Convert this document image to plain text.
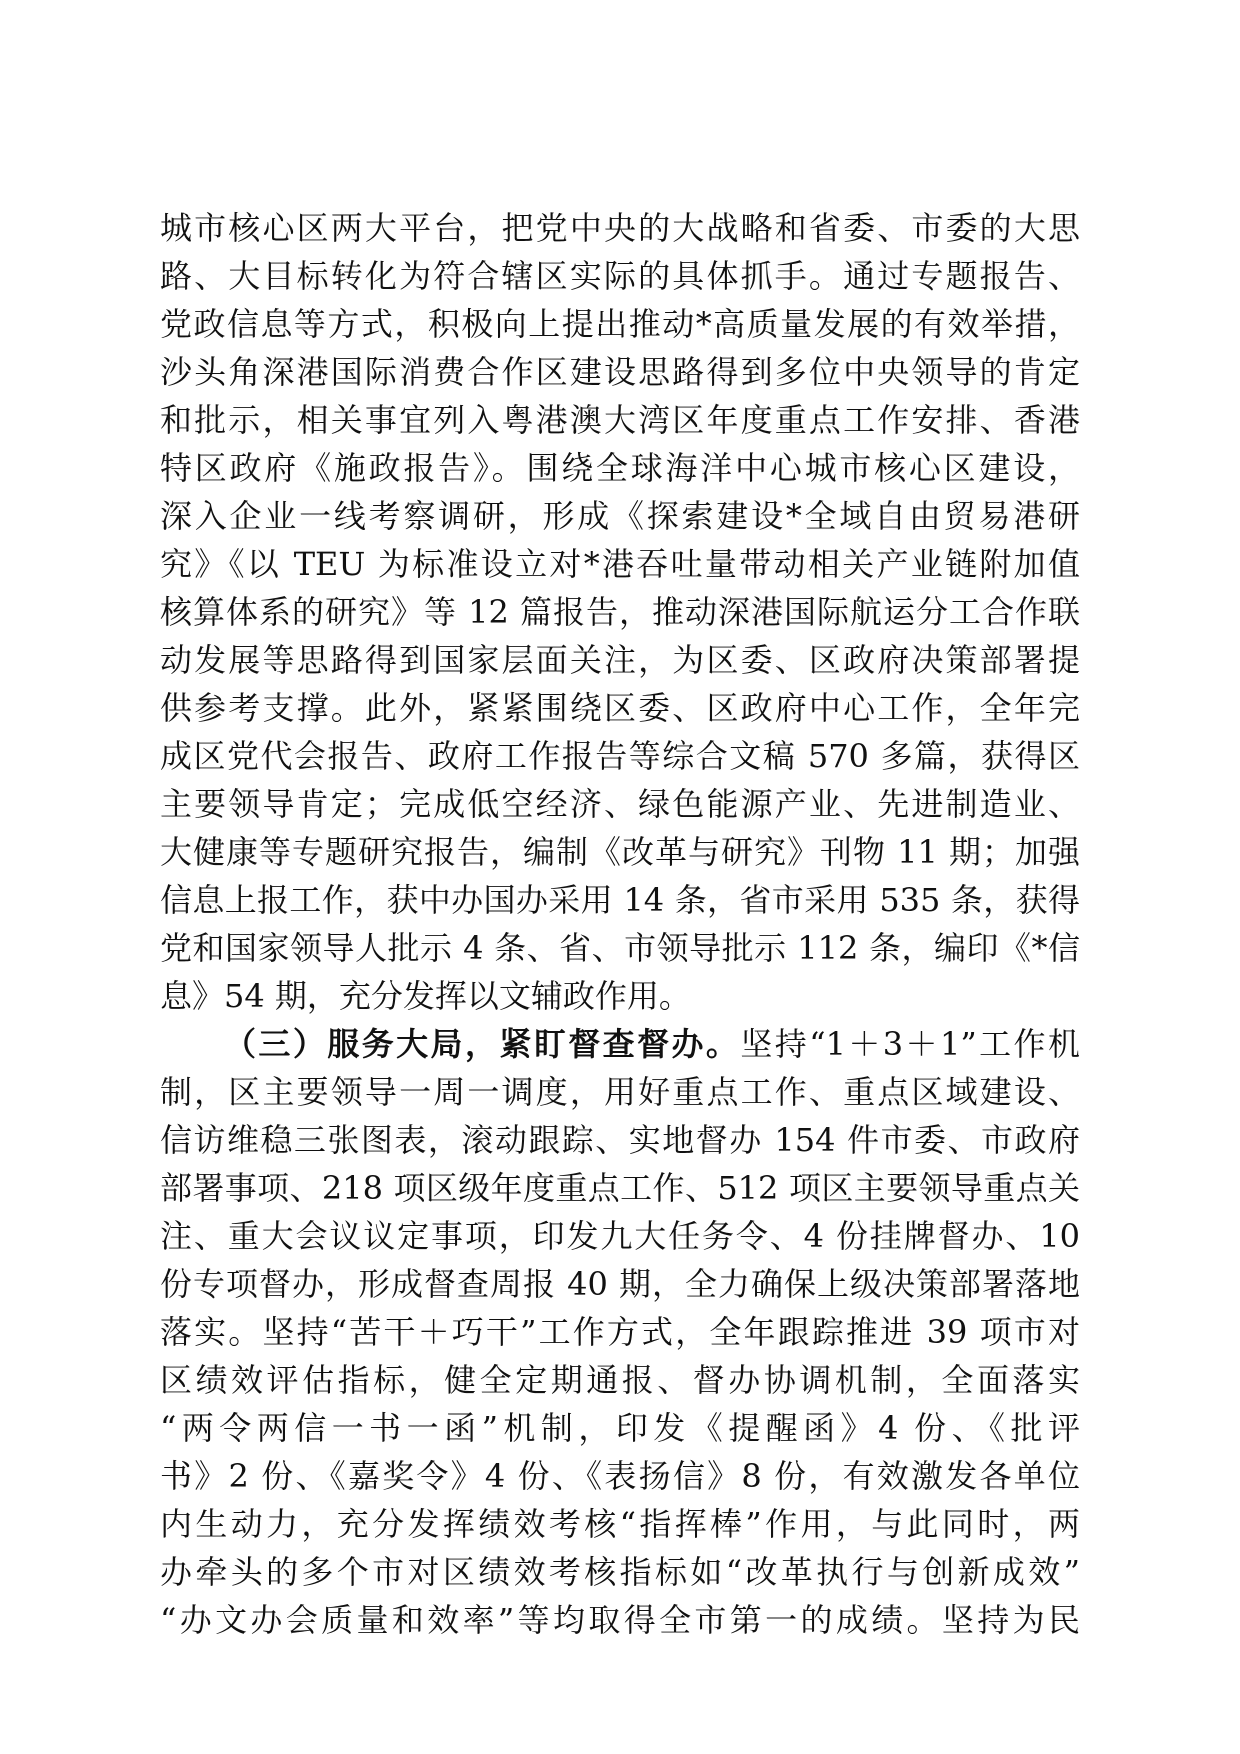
城市核心区两大平台，把党中央的大战略和省委、市委的大思
路、大目标转化为符合辖区实际的具体抓手。通过专题报告、
党政信息等方式，积极向上提出推动*高质量发展的有效举措，
沙头角深港国际消费合作区建设思路得到多位中央领导的肯定
和批示，相关事宜列入粤港澳大湾区年度重点工作安排、香港
特区政府《施政报告》。围绕全球海洋中心城市核心区建设，
深入企业一线考察调研，形成《探索建设*全域自由贸易港研
究》《以 TEU 为标准设立对*港吞吐量带动相关产业链附加值
核算体系的研究》等 12 篇报告，推动深港国际航运分工合作联
动发展等思路得到国家层面关注，为区委、区政府决策部署提
供参考支撑。此外，紧紧围绕区委、区政府中心工作，全年完
成区党代会报告、政府工作报告等综合文稿 570 多篇，获得区
主要领导肯定；完成低空经济、绿色能源产业、先进制造业、
大健康等专题研究报告，编制《改革与研究》刊物 11 期；加强
信息上报工作，获中办国办采用 14 条，省市采用 535 条，获得
党和国家领导人批示 4 条、省、市领导批示 112 条，编印《*信
息》54 期，充分发挥以文辅政作用。
（三）服务大局，紧盯督查督办。坚持“1＋3＋1”工作机
制，区主要领导一周一调度，用好重点工作、重点区域建设、
信访维稳三张图表，滚动跟踪、实地督办 154 件市委、市政府
部署事项、218 项区级年度重点工作、512 项区主要领导重点关
注、重大会议议定事项，印发九大任务令、4 份挂牌督办、10
份专项督办，形成督查周报 40 期，全力确保上级决策部署落地
落实。坚持“苦干＋巧干”工作方式，全年跟踪推进 39 项市对
区绩效评估指标，健全定期通报、督办协调机制，全面落实
“两令两信一书一函”机制，印发《提醒函》4 份、《批评
书》2 份、《嘉奖令》4 份、《表扬信》8 份，有效激发各单位
内生动力，充分发挥绩效考核“指挥棒”作用，与此同时，两
办牵头的多个市对区绩效考核指标如“改革执行与创新成效”
“办文办会质量和效率”等均取得全市第一的成绩。坚持为民
